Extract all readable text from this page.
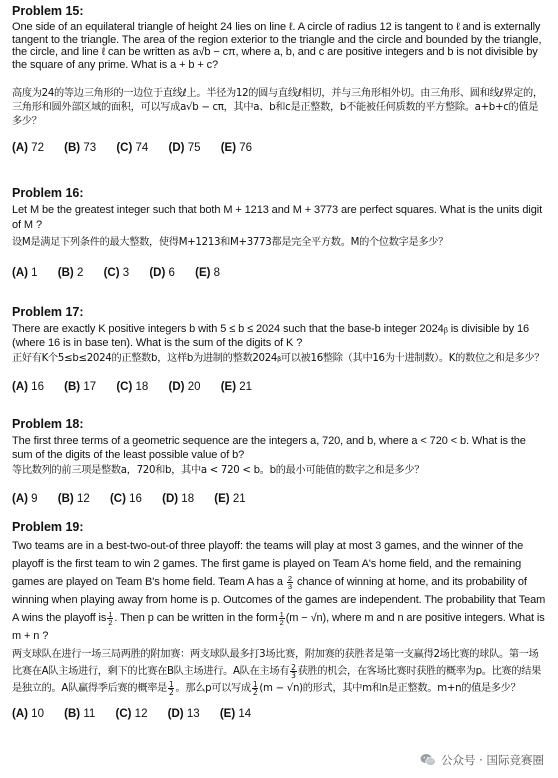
Problem 15:

One side of an equilateral triangle of height 24 lies on line ℓ. A circle of radius 12 is tangent to ℓ and is externally tangent to the triangle. The area of the region exterior to the triangle and the circle and bounded by the triangle, the circle, and line ℓ can be written as a√b − cπ, where a, b, and c are positive integers and b is not divisible by the square of any prime. What is a + b + c?

高度为24的等边三角形的一边位于直线ℓ上。半径为12的圆与直线ℓ相切，并与三角形相外切。由三角形、圆和线ℓ界定的，三角形和圆外部区域的面积，可以写成a√b − cπ，其中a、b和c是正整数，b不能被任何质数的平方整除。a+b+c的值是多少？

(A) 72 (B) 73 (C) 74 (D) 75 (E) 76
Problem 16:

Let M be the greatest integer such that both M + 1213 and M + 3773 are perfect squares. What is the units digit of M ?

设M是满足下列条件的最大整数，使得M+1213和M+3773都是完全平方数。M的个位数字是多少？

(A) 1 (B) 2 (C) 3 (D) 6 (E) 8
Problem 17:

There are exactly K positive integers b with 5 ≤ b ≤ 2024 such that the base-b integer 2024ᵦ is divisible by 16 (where 16 is in base ten). What is the sum of the digits of K ?

正好有K个5≤b≤2024的正整数b，这样b为进制的整数2024ᵦ可以被16整除（其中16为十进制数）。K的数位之和是多少？

(A) 16 (B) 17 (C) 18 (D) 20 (E) 21
Problem 18:

The first three terms of a geometric sequence are the integers a, 720, and b, where a < 720 < b. What is the sum of the digits of the least possible value of b?

等比数列的前三项是整数a，720和b，其中a < 720 < b。b的最小可能值的数字之和是多少？

(A) 9 (B) 12 (C) 16 (D) 18 (E) 21
Problem 19:

Two teams are in a best-two-out-of three playoff: the teams will play at most 3 games, and the winner of the playoff is the first team to win 2 games. The first game is played on Team A's home field, and the remaining games are played on Team B's home field. Team A has a $\frac{2}{3}$ chance of winning at home, and its probability of winning when playing away from home is p. Outcomes of the games are independent. The probability that Team A wins the playoff is $\frac{1}{2}$ . Then p can be written in the form $\frac{1}{2} (m - √n)$, where m and n are positive integers. What is m + n ?

两支球队在进行一场三局两胜的附加赛：两支球队最多打3场比赛，附加赛的获胜者是第一支赢得2场比赛的球队。第一场比赛在A队主场进行，剩下的比赛在B队主场进行。A队在主场有 $\frac{2}{3}$ 获胜的机会，在客场比赛时获胜的概率为p。比赛的结果是独立的。A队赢得季后赛的概率是 $\frac{1}{2}$ 。那么p可以写成 $\frac{1}{2} (m - √n)$的形式，其中m和n是正整数。m+n的值是多少？

(A) 10 (B) 11 (C) 12 (D) 13 (E) 14
公众号 · 国际竞赛圈
